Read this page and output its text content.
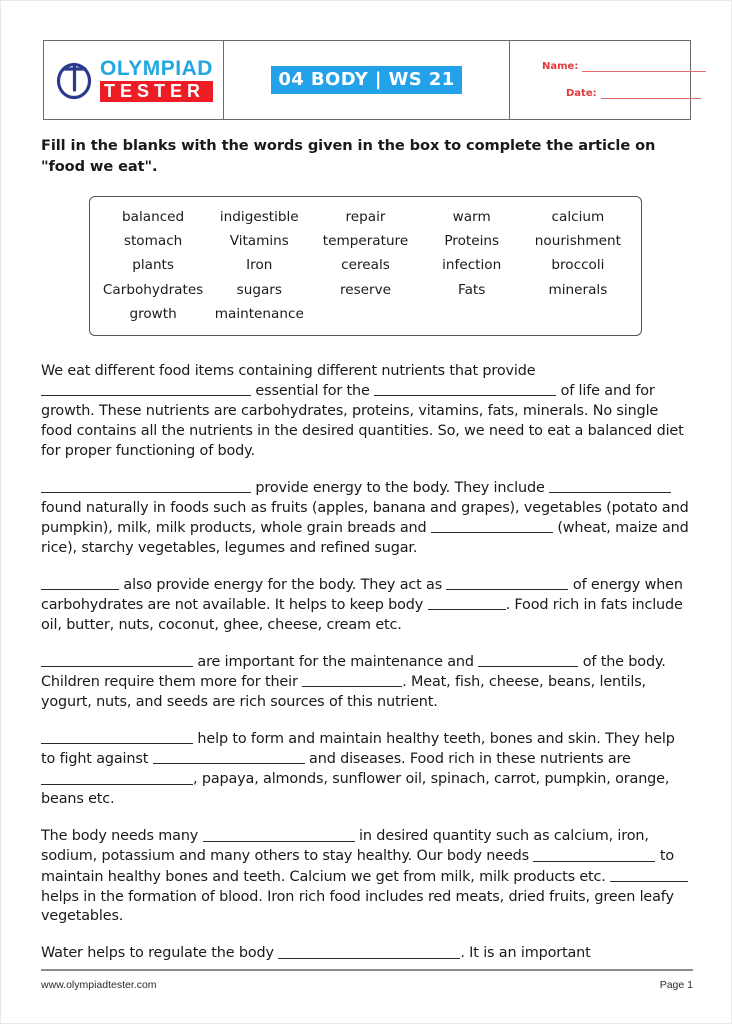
OLYMPIAD
TESTER
04 BODY | WS 21
Name:
Date:

Fill in the blanks with the words given in the box to complete the article on "food we eat".

balanced	indigestible	repair	warm	calcium
stomach	Vitamins	temperature	Proteins	nourishment
plants	Iron	cereals	infection	broccoli
Carbohydrates	sugars	reserve	Fats	minerals
growth	maintenance

We eat different food items containing different nutrients that provide  essential for the	of life and for growth. These nutrients are carbohydrates, proteins, vitamins, fats, minerals. No single food contains all the nutrients in the desired quantities. So, we need to eat a balanced diet for proper functioning of body.

provide energy to the body. They include  found naturally in foods such as fruits (apples, banana and grapes), vegetables (potato and pumpkin), milk, milk products, whole grain breads and	(wheat, maize and rice), starchy vegetables, legumes and refined sugar.

also provide energy for the body. They act as	of energy when carbohydrates are not available. It helps to keep body	. Food rich in fats include oil, butter, nuts, coconut, ghee, cheese, cream etc.

are important for the maintenance and	of the body. Children require them more for their	. Meat, fish, cheese, beans, lentils, yogurt, nuts, and seeds are rich sources of this nutrient.

help to form and maintain healthy teeth, bones and skin. They help to fight against	and diseases. Food rich in these nutrients are , papaya, almonds, sunflower oil, spinach, carrot, pumpkin, orange, beans etc.

The body needs many	in desired quantity such as calcium, iron, sodium, potassium and many others to stay healthy. Our body needs	to maintain healthy bones and teeth. Calcium we get from milk, milk products etc.  helps in the formation of blood. Iron rich food includes red meats, dried fruits, green leafy vegetables.

Water helps to regulate the body	. It is an important

www.olympiadtester.com	Page 1
